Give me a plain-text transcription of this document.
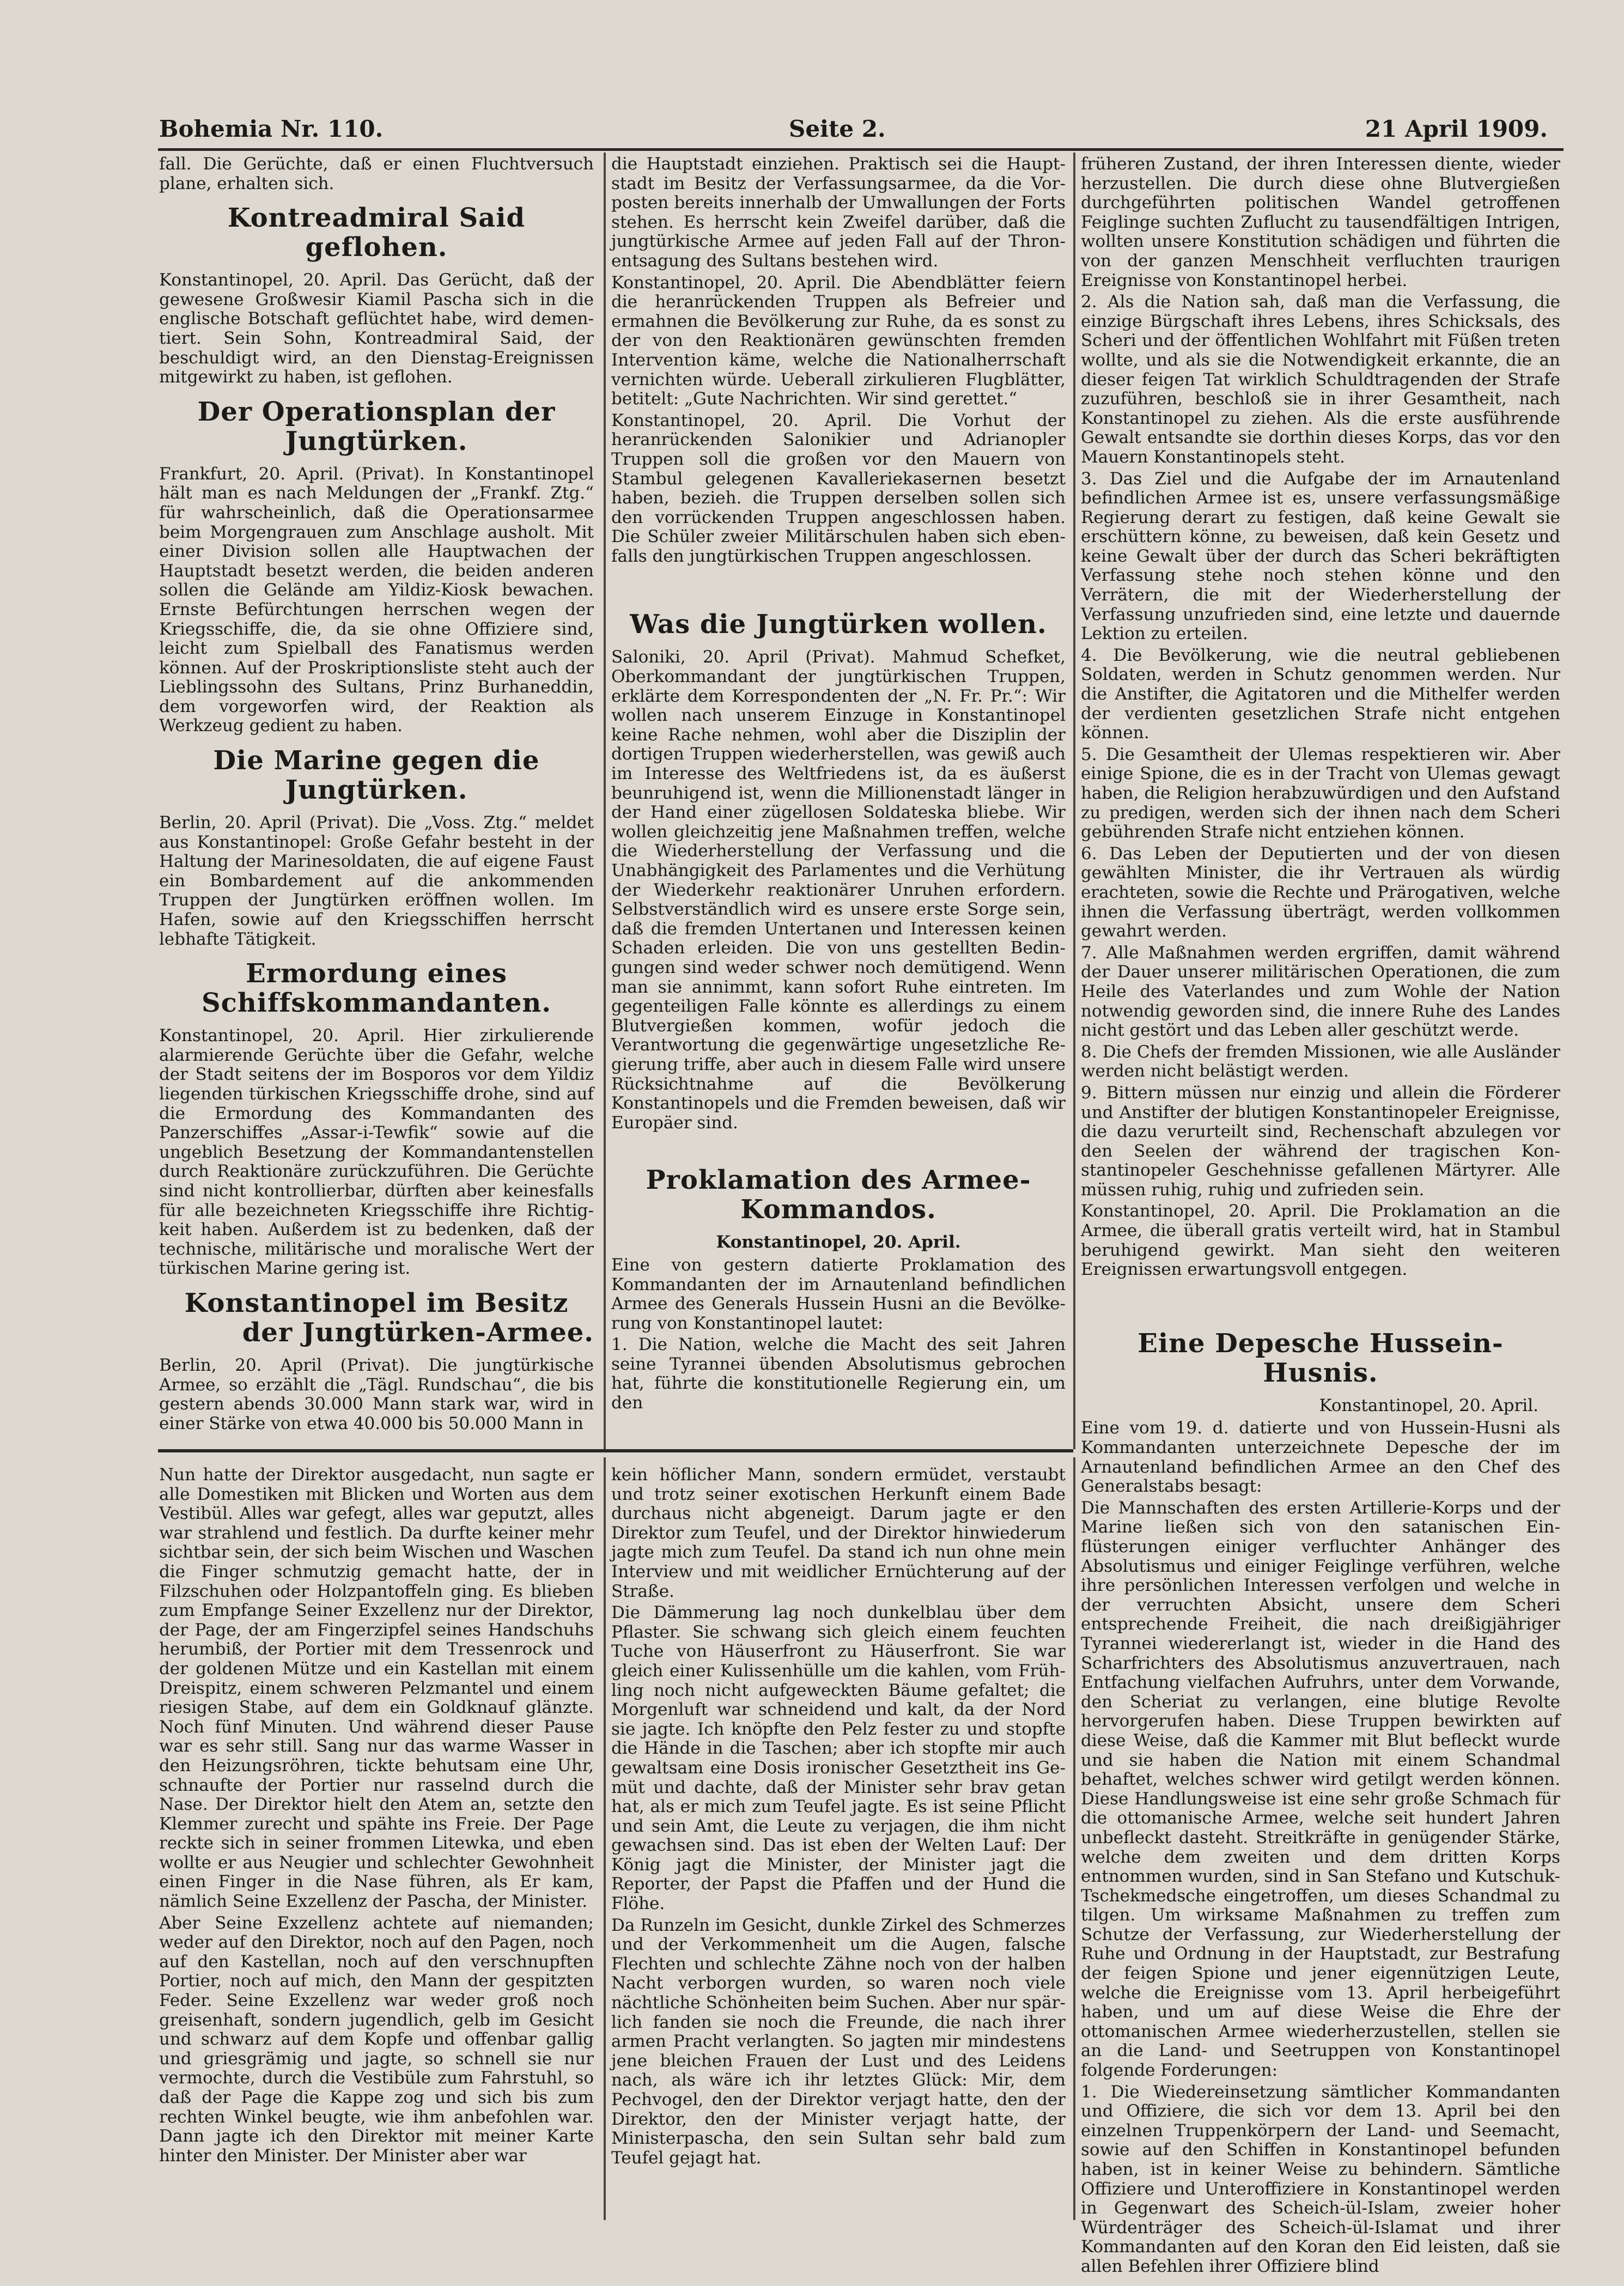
Bohemia Nr. 110.	Seite 2.	21 April 1909.

fall. Die Gerüchte, daß er einen Fluchtversuch plane, erhalten sich.

Kontreadmiral Said geflohen.

Konstantinopel, 20. April. Das Gerücht, daß der gewesene Großwesir Kiamil Pascha sich in die englische Botschaft geflüchtet habe, wird dementiert. Sein Sohn, Kontreadmiral Said, der beschuldigt wird, an den Dienstag-Ereignissen mitgewirkt zu haben, ist geflohen.

Der Operationsplan der Jungtürken.

Frankfurt, 20. April. (Privat). In Konstantinopel hält man es nach Meldungen der „Frankf. Ztg.“ für wahrscheinlich, daß die Operationsarmee beim Morgengrauen zum Anschlage ausholt. Mit einer Division sollen alle Hauptwachen der Hauptstadt besetzt werden, die beiden anderen sollen die Gelände am Yildiz-Kiosk bewachen. Ernste Befürchtungen herrschen wegen der Kriegsschiffe, die, da sie ohne Offiziere sind, leicht zum Spielball des Fanatismus werden können. Auf der Proskriptionsliste steht auch der Lieblingssohn des Sultans, Prinz Burhaneddin, dem vorgeworfen wird, der Reaktion als Werkzeug gedient zu haben.

Die Marine gegen die Jungtürken.

Berlin, 20. April (Privat). Die „Voss. Ztg.“ meldet aus Konstantinopel: Große Gefahr besteht in der Haltung der Marinesoldaten, die auf eigene Faust ein Bombardement auf die ankommenden Truppen der Jungtürken eröffnen wollen. Im Hafen, sowie auf den Kriegsschiffen herrscht lebhafte Tätigkeit.

Ermordung eines Schiffskommandanten.

Konstantinopel, 20. April. Hier zirkulierende alarmierende Gerüchte über die Gefahr, welche der Stadt seitens der im Bosporos vor dem Yildiz liegenden türkischen Kriegsschiffe drohe, sind auf die Ermordung des Kommandanten des Panzerschiffes „Assar-i-Tewfik“ sowie auf die ungeblich Besetzung der Kommandantenstellen durch Reaktionäre zurückzuführen. Die Gerüchte sind nicht kontrollierbar, dürften aber keinesfalls für alle bezeichneten Kriegsschiffe ihre Richtigkeit haben. Außerdem ist zu bedenken, daß der technische, militärische und moralische Wert der türkischen Marine gering ist.

Konstantinopel im Besitz
der Jungtürken-Armee.

Berlin, 20. April (Privat). Die jungtürkische Armee, so erzählt die „Tägl. Rundschau“, die bis gestern abends 30.000 Mann stark war, wird in einer Stärke von etwa 40.000 bis 50.000 Mann in

die Hauptstadt einziehen. Praktisch sei die Hauptstadt im Besitz der Verfassungsarmee, da die Vorposten bereits innerhalb der Umwallungen der Forts stehen. Es herrscht kein Zweifel darüber, daß die jungtürkische Armee auf jeden Fall auf der Thronentsagung des Sultans bestehen wird.

Konstantinopel, 20. April. Die Abendblätter feiern die heranrückenden Truppen als Befreier und ermahnen die Bevölkerung zur Ruhe, da es sonst zu der von den Reaktionären gewünschten fremden Intervention käme, welche die Nationalherrschaft vernichten würde. Ueberall zirkulieren Flugblätter, betitelt: „Gute Nachrichten. Wir sind gerettet.“

Konstantinopel, 20. April. Die Vorhut der heranrückenden Salonikier und Adrianopler Truppen soll die großen vor den Mauern von Stambul gelegenen Kavalleriekasernen besetzt haben, bezieh. die Truppen derselben sollen sich den vorrückenden Truppen angeschlossen haben. Die Schüler zweier Militärschulen haben sich ebenfalls den jungtürkischen Truppen angeschlossen.

Was die Jungtürken wollen.

Saloniki, 20. April (Privat). Mahmud Schefket, Oberkommandant der jungtürkischen Truppen, erklärte dem Korrespondenten der „N. Fr. Pr.“: Wir wollen nach unserem Einzuge in Konstantinopel keine Rache nehmen, wohl aber die Disziplin der dortigen Truppen wiederherstellen, was gewiß auch im Interesse des Weltfriedens ist, da es äußerst beunruhigend ist, wenn die Millionenstadt länger in der Hand einer zügellosen Soldateska bliebe. Wir wollen gleichzeitig jene Maßnahmen treffen, welche die Wiederherstellung der Verfassung und die Unabhängigkeit des Parlamentes und die Verhütung der Wiederkehr reaktionärer Unruhen erfordern. Selbstverständlich wird es unsere erste Sorge sein, daß die fremden Untertanen und Interessen keinen Schaden erleiden. Die von uns gestellten Bedingungen sind weder schwer noch demütigend. Wenn man sie annimmt, kann sofort Ruhe eintreten. Im gegenteiligen Falle könnte es allerdings zu einem Blutvergießen kommen, wofür jedoch die Verantwortung die gegenwärtige ungesetzliche Regierung triffe, aber auch in diesem Falle wird unsere Rücksichtnahme auf die Bevölkerung Konstantinopels und die Fremden beweisen, daß wir Europäer sind.

Proklamation des Armee-Kommandos.

Konstantinopel, 20. April.

Eine von gestern datierte Proklamation des Kommandanten der im Arnautenland befindlichen Armee des Generals Hussein Husni an die Bevölkerung von Konstantinopel lautet:

1. Die Nation, welche die Macht des seit Jahren seine Tyrannei übenden Absolutismus gebrochen hat, führte die konstitutionelle Regierung ein, um den

früheren Zustand, der ihren Interessen diente, wieder herzustellen. Die durch diese ohne Blutvergießen durchgeführten politischen Wandel getroffenen Feiglinge suchten Zuflucht zu tausendfältigen Intrigen, wollten unsere Konstitution schädigen und führten die von der ganzen Menschheit verfluchten traurigen Ereignisse von Konstantinopel herbei.

2. Als die Nation sah, daß man die Verfassung, die einzige Bürgschaft ihres Lebens, ihres Schicksals, des Scheri und der öffentlichen Wohlfahrt mit Füßen treten wollte, und als sie die Notwendigkeit erkannte, die an dieser feigen Tat wirklich Schuldtragenden der Strafe zuzuführen, beschloß sie in ihrer Gesamtheit, nach Konstantinopel zu ziehen. Als die erste ausführende Gewalt entsandte sie dorthin dieses Korps, das vor den Mauern Konstantinopels steht.

3. Das Ziel und die Aufgabe der im Arnautenland befindlichen Armee ist es, unsere verfassungsmäßige Regierung derart zu festigen, daß keine Gewalt sie erschüttern könne, zu beweisen, daß kein Gesetz und keine Gewalt über der durch das Scheri bekräftigten Verfassung stehe noch stehen könne und den Verrätern, die mit der Wiederherstellung der Verfassung unzufrieden sind, eine letzte und dauernde Lektion zu erteilen.

4. Die Bevölkerung, wie die neutral gebliebenen Soldaten, werden in Schutz genommen werden. Nur die Anstifter, die Agitatoren und die Mithelfer werden der verdienten gesetzlichen Strafe nicht entgehen können.

5. Die Gesamtheit der Ulemas respektieren wir. Aber einige Spione, die es in der Tracht von Ulemas gewagt haben, die Religion herabzuwürdigen und den Aufstand zu predigen, werden sich der ihnen nach dem Scheri gebührenden Strafe nicht entziehen können.

6. Das Leben der Deputierten und der von diesen gewählten Minister, die ihr Vertrauen als würdig erachteten, sowie die Rechte und Prärogativen, welche ihnen die Verfassung überträgt, werden vollkommen gewahrt werden.

7. Alle Maßnahmen werden ergriffen, damit während der Dauer unserer militärischen Operationen, die zum Heile des Vaterlandes und zum Wohle der Nation notwendig geworden sind, die innere Ruhe des Landes nicht gestört und das Leben aller geschützt werde.

8. Die Chefs der fremden Missionen, wie alle Ausländer werden nicht belästigt werden.

9. Bittern müssen nur einzig und allein die Förderer und Anstifter der blutigen Konstantinopeler Ereignisse, die dazu verurteilt sind, Rechenschaft abzulegen vor den Seelen der während der tragischen Konstantinopeler Geschehnisse gefallenen Märtyrer. Alle müssen ruhig, ruhig und zufrieden sein.

Konstantinopel, 20. April. Die Proklamation an die Armee, die überall gratis verteilt wird, hat in Stambul beruhigend gewirkt. Man sieht den weiteren Ereignissen erwartungsvoll entgegen.

Eine Depesche Hussein-Husnis.

Konstantinopel, 20. April.

Eine vom 19. d. datierte und von Hussein-Husni als Kommandanten unterzeichnete Depesche der im Arnautenland befindlichen Armee an den Chef des Generalstabs besagt:

Die Mannschaften des ersten Artillerie-Korps und der Marine ließen sich von den satanischen Einflüsterungen einiger verfluchter Anhänger des Absolutismus und einiger Feiglinge verführen, welche ihre persönlichen Interessen verfolgen und welche in der verruchten Absicht, unsere dem Scheri entsprechende Freiheit, die nach dreißigjähriger Tyrannei wiedererlangt ist, wieder in die Hand des Scharfrichters des Absolutismus anzuvertrauen, nach Entfachung vielfachen Aufruhrs, unter dem Vorwande, den Scheriat zu verlangen, eine blutige Revolte hervorgerufen haben. Diese Truppen bewirkten auf diese Weise, daß die Kammer mit Blut befleckt wurde und sie haben die Nation mit einem Schandmal behaftet, welches schwer wird getilgt werden können. Diese Handlungsweise ist eine sehr große Schmach für die ottomanische Armee, welche seit hundert Jahren unbefleckt dasteht. Streitkräfte in genügender Stärke, welche dem zweiten und dem dritten Korps entnommen wurden, sind in San Stefano und Kutschuk-Tschekmedsche eingetroffen, um dieses Schandmal zu tilgen. Um wirksame Maßnahmen zu treffen zum Schutze der Verfassung, zur Wiederherstellung der Ruhe und Ordnung in der Hauptstadt, zur Bestrafung der feigen Spione und jener eigennützigen Leute, welche die Ereignisse vom 13. April herbeigeführt haben, und um auf diese Weise die Ehre der ottomanischen Armee wiederherzustellen, stellen sie an die Land- und Seetruppen von Konstantinopel folgende Forderungen:

1. Die Wiedereinsetzung sämtlicher Kommandanten und Offiziere, die sich vor dem 13. April bei den einzelnen Truppenkörpern der Land- und Seemacht, sowie auf den Schiffen in Konstantinopel befunden haben, ist in keiner Weise zu behindern. Sämtliche Offiziere und Unteroffiziere in Konstantinopel werden in Gegenwart des Scheich-ül-Islam, zweier hoher Würdenträger des Scheich-ül-Islamat und ihrer Kommandanten auf den Koran den Eid leisten, daß sie allen Befehlen ihrer Offiziere blind

Nun hatte der Direktor ausgedacht, nun sagte er alle Domestiken mit Blicken und Worten aus dem Vestibül. Alles war gefegt, alles war geputzt, alles war strahlend und festlich. Da durfte keiner mehr sichtbar sein, der sich beim Wischen und Waschen die Finger schmutzig gemacht hatte, der in Filzschuhen oder Holzpantoffeln ging. Es blieben zum Empfange Seiner Exzellenz nur der Direktor, der Page, der am Fingerzipfel seines Handschuhs herumbiß, der Portier mit dem Tressenrock und der goldenen Mütze und ein Kastellan mit einem Dreispitz, einem schweren Pelzmantel und einem riesigen Stabe, auf dem ein Goldknauf glänzte. Noch fünf Minuten. Und während dieser Pause war es sehr still. Sang nur das warme Wasser in den Heizungsröhren, tickte behutsam eine Uhr, schnaufte der Portier nur rasselnd durch die Nase. Der Direktor hielt den Atem an, setzte den Klemmer zurecht und spähte ins Freie. Der Page reckte sich in seiner frommen Litewka, und eben wollte er aus Neugier und schlechter Gewohnheit einen Finger in die Nase führen, als Er kam, nämlich Seine Exzellenz der Pascha, der Minister.

Aber Seine Exzellenz achtete auf niemanden; weder auf den Direktor, noch auf den Pagen, noch auf den Kastellan, noch auf den verschnupften Portier, noch auf mich, den Mann der gespitzten Feder. Seine Exzellenz war weder groß noch greisenhaft, sondern jugendlich, gelb im Gesicht und schwarz auf dem Kopfe und offenbar gallig und griesgrämig und jagte, so schnell sie nur vermochte, durch die Vestibüle zum Fahrstuhl, so daß der Page die Kappe zog und sich bis zum rechten Winkel beugte, wie ihm anbefohlen war. Dann jagte ich den Direktor mit meiner Karte hinter den Minister. Der Minister aber war

kein höflicher Mann, sondern ermüdet, verstaubt und trotz seiner exotischen Herkunft einem Bade durchaus nicht abgeneigt. Darum jagte er den Direktor zum Teufel, und der Direktor hinwiederum jagte mich zum Teufel. Da stand ich nun ohne mein Interview und mit weidlicher Ernüchterung auf der Straße.

Die Dämmerung lag noch dunkelblau über dem Pflaster. Sie schwang sich gleich einem feuchten Tuche von Häuserfront zu Häuserfront. Sie war gleich einer Kulissenhülle um die kahlen, vom Frühling noch nicht aufgeweckten Bäume gefaltet; die Morgenluft war schneidend und kalt, da der Nord sie jagte. Ich knöpfte den Pelz fester zu und stopfte die Hände in die Taschen; aber ich stopfte mir auch gewaltsam eine Dosis ironischer Gesetztheit ins Gemüt und dachte, daß der Minister sehr brav getan hat, als er mich zum Teufel jagte. Es ist seine Pflicht und sein Amt, die Leute zu verjagen, die ihm nicht gewachsen sind. Das ist eben der Welten Lauf: Der König jagt die Minister, der Minister jagt die Reporter, der Papst die Pfaffen und der Hund die Flöhe.

Da Runzeln im Gesicht, dunkle Zirkel des Schmerzes und der Verkommenheit um die Augen, falsche Flechten und schlechte Zähne noch von der halben Nacht verborgen wurden, so waren noch viele nächtliche Schönheiten beim Suchen. Aber nur spärlich fanden sie noch die Freunde, die nach ihrer armen Pracht verlangten. So jagten mir mindestens jene bleichen Frauen der Lust und des Leidens nach, als wäre ich ihr letztes Glück: Mir, dem Pechvogel, den der Direktor verjagt hatte, den der Direktor, den der Minister verjagt hatte, der Ministerpascha, den sein Sultan sehr bald zum Teufel gejagt hat.
